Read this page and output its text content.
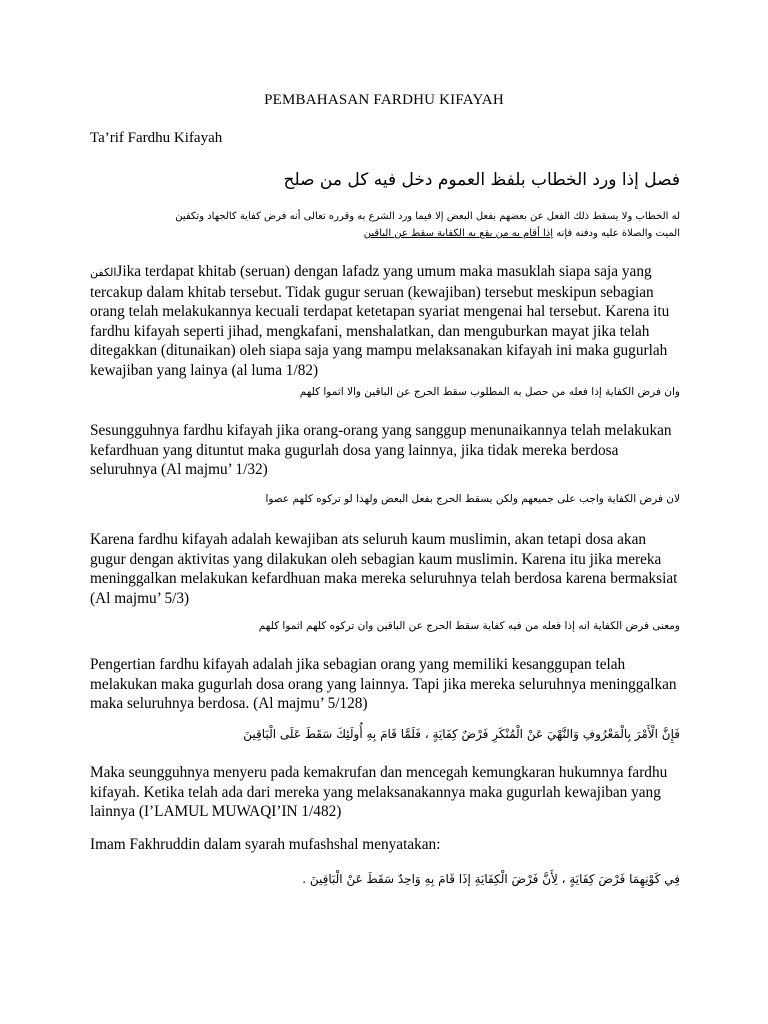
PEMBAHASAN FARDHU KIFAYAH
Ta’rif Fardhu Kifayah
فصل إذا ورد الخطاب بلفظ العموم دخل فيه كل من صلح
له الخطاب ولا يسقط ذلك الفعل عن بعضهم بفعل البعض إلا فيما ورد الشرع به وقرره تعالى أنه فرض كفاية كالجهاد وتكفين
الميت والصلاة عليه ودفنه فإنه إذا أقام به من يقع به الكفاية سقط عن الباقين

الكفنJika terdapat khitab (seruan) dengan lafadz yang umum maka masuklah siapa saja yang tercakup dalam khitab tersebut. Tidak gugur seruan (kewajiban) tersebut meskipun sebagian orang telah melakukannya kecuali terdapat ketetapan syariat mengenai hal tersebut. Karena itu fardhu kifayah seperti jihad, mengkafani, menshalatkan, dan menguburkan mayat jika telah ditegakkan (ditunaikan) oleh siapa saja yang mampu melaksanakan kifayah ini maka gugurlah kewajiban yang lainya (al luma 1/82)

وان فرض الكفاية إذا فعله من حصل به المطلوب سقط الحرج عن الباقين والا اثموا كلهم

Sesungguhnya fardhu kifayah jika orang-orang yang sanggup menunaikannya telah melakukan kefardhuan yang dituntut maka gugurlah dosa yang lainnya, jika tidak mereka berdosa seluruhnya (Al majmu’ 1/32)

لان فرض الكفاية واجب على جميعهم ولكن يسقط الحرج بفعل البعض ولهذا لو تركوه كلهم عصوا

Karena fardhu kifayah adalah kewajiban ats seluruh kaum muslimin, akan tetapi dosa akan gugur dengan aktivitas yang dilakukan oleh sebagian kaum muslimin. Karena itu jika mereka meninggalkan melakukan kefardhuan maka mereka seluruhnya telah berdosa karena bermaksiat (Al majmu’ 5/3)

ومعنى فرض الكفاية انه إذا فعله من فيه كفاية سقط الحرج عن الباقين وان تركوه كلهم اثموا كلهم

Pengertian fardhu kifayah adalah jika sebagian orang yang memiliki kesanggupan telah melakukan maka gugurlah dosa orang yang lainnya. Tapi jika mereka seluruhnya meninggalkan maka seluruhnya berdosa. (Al majmu’ 5/128)

فَإِنَّ الْأَمْرَ بِالْمَعْرُوفِ وَالنَّهْيَ عَنْ الْمُنْكَرِ فَرْضٌ كِفَايَةٍ ، فَلَمَّا قَامَ بِهِ أُولَئِكَ سَقَطَ عَلَى الْبَاقِينَ

Maka seungguhnya menyeru pada kemakrufan dan mencegah kemungkaran hukumnya fardhu kifayah. Ketika telah ada dari mereka yang melaksanakannya maka gugurlah kewajiban yang lainnya (I’LAMUL MUWAQI’IN 1/482)

Imam Fakhruddin dalam syarah mufashshal menyatakan:

فِي كَوْنِهِمَا فَرْضَ كِفَايَةٍ ، لِأَنَّ فَرْضَ الْكِفَايَةِ إذَا قَامَ بِهِ وَاحِدٌ سَقَطَ عَنْ الْبَاقِينَ .
